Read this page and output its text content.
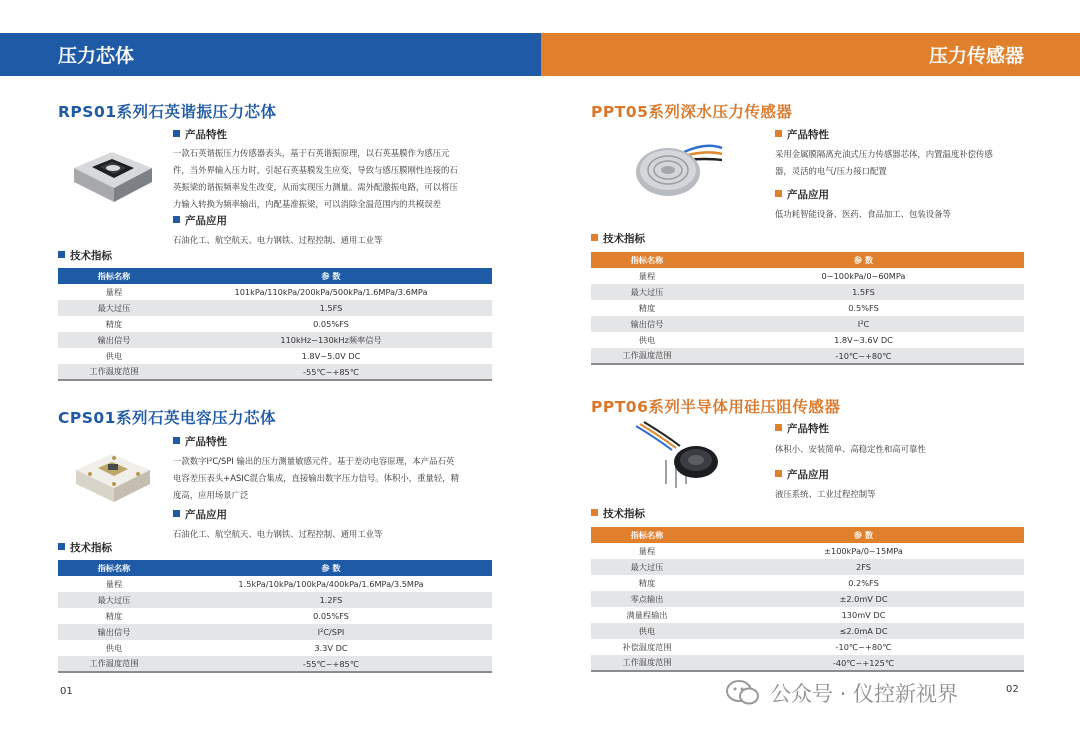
压力芯体	压力传感器
RPS01系列石英谐振压力芯体
产品特性
一款石英谐振压力传感器表头，基于石英谐振原理，以石英基膜作为感压元
件，当外界输入压力时，引起石英基膜发生应变，导致与感压膜刚性连接的石
英振梁的谐振频率发生改变，从而实现压力测量。需外配激振电路，可以将压
力输入转换为频率输出，内配基准振梁，可以消除全温范围内的共模误差
产品应用
石油化工、航空航天、电力钢铁、过程控制、通用工业等
技术指标
指标名称	参 数
量程	101kPa/110kPa/200kPa/500kPa/1.6MPa/3.6MPa
最大过压	1.5FS
精度	0.05%FS
输出信号	110kHz~130kHz频率信号
供电	1.8V~5.0V DC
工作温度范围	-55℃~+85℃
CPS01系列石英电容压力芯体
产品特性
一款数字I²C/SPI 输出的压力测量敏感元件。基于差动电容原理，本产品石英
电容差压表头+ASIC混合集成，直接输出数字压力信号。体积小，重量轻，精
度高，应用场景广泛
产品应用
石油化工、航空航天、电力钢铁、过程控制、通用工业等
技术指标
指标名称	参 数
量程	1.5kPa/10kPa/100kPa/400kPa/1.6MPa/3.5MPa
最大过压	1.2FS
精度	0.05%FS
输出信号	I²C/SPI
供电	3.3V DC
工作温度范围	-55℃~+85℃
PPT05系列深水压力传感器
产品特性
采用金属膜隔离充油式压力传感器芯体，内置温度补偿传感
器，灵活的电气/压力接口配置
产品应用
低功耗智能设备、医药、食品加工、包装设备等
技术指标
指标名称	参 数
量程	0~100kPa/0~60MPa
最大过压	1.5FS
精度	0.5%FS
输出信号	I²C
供电	1.8V~3.6V DC
工作温度范围	-10℃~+80℃
PPT06系列半导体用硅压阻传感器
产品特性
体积小、安装简单、高稳定性和高可靠性
产品应用
液压系统、工业过程控制等
技术指标
指标名称	参 数
量程	±100kPa/0~15MPa
最大过压	2FS
精度	0.2%FS
零点输出	±2.0mV DC
满量程输出	130mV DC
供电	≤2.0mA DC
补偿温度范围	-10℃~+80℃
工作温度范围	-40℃~+125℃
01	02
公众号 · 仪控新视界
